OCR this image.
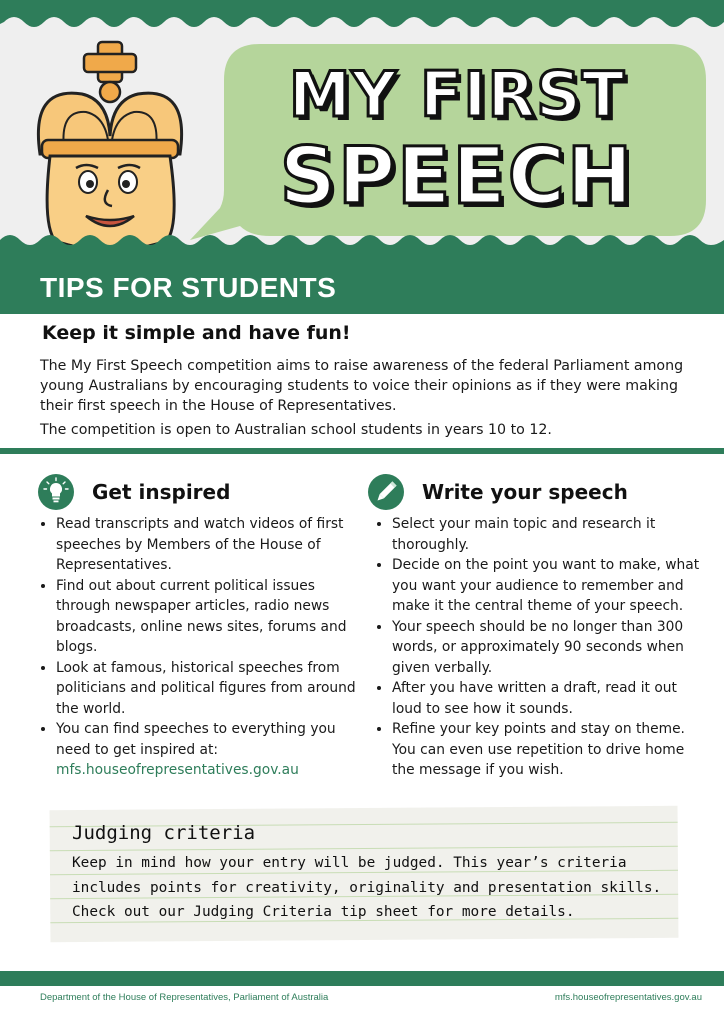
MY FIRST
SPEECH
TIPS FOR STUDENTS
Keep it simple and have fun!

The My First Speech competition aims to raise awareness of the federal Parliament among young Australians by encouraging students to voice their opinions as if they were making their first speech in the House of Representatives.

The competition is open to Australian school students in years 10 to 12.

Get inspired
• Read transcripts and watch videos of first speeches by Members of the House of Representatives.
• Find out about current political issues through newspaper articles, radio news broadcasts, online news sites, forums and blogs.
• Look at famous, historical speeches from politicians and political figures from around the world.
• You can find speeches to everything you need to get inspired at:
mfs.houseofrepresentatives.gov.au
Write your speech
• Select your main topic and research it thoroughly.
• Decide on the point you want to make, what you want your audience to remember and make it the central theme of your speech.
• Your speech should be no longer than 300 words, or approximately 90 seconds when given verbally.
• After you have written a draft, read it out loud to see how it sounds.
• Refine your key points and stay on theme. You can even use repetition to drive home the message if you wish.
Judging criteria
Keep in mind how your entry will be judged. This year’s criteria
includes points for creativity, originality and presentation skills.
Check out our Judging Criteria tip sheet for more details.

Department of the House of Representatives, Parliament of Australia	mfs.houseofrepresentatives.gov.au
